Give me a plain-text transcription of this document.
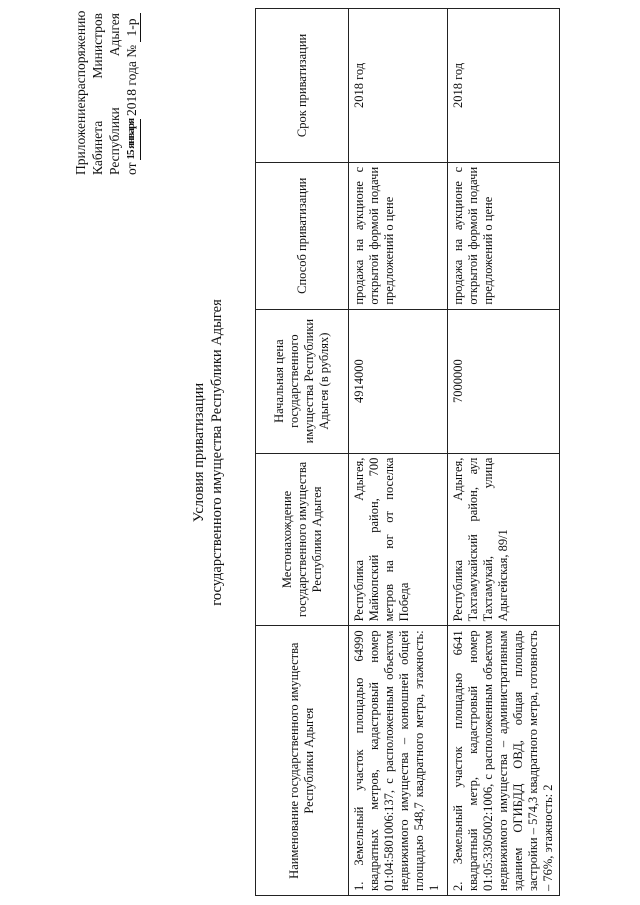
Приложение
к
распоряжению
Кабинета
Министров
Республики
Адыгея
от
15 января
2018 года №
1-р
Условия приватизации государственного имущества Республики Адыгея
Наименование государственного имущества Республики Адыгея	Местонахождение государственного имущества Республики Адыгея	Начальная цена государственного имущества Республики Адыгея (в рублях)	Способ приватизации	Срок приватизации
1. Земельный участок площадью 64990 квадратных метров, кадастровый номер 01:04:5801006:137, с расположенным объектом недвижимого имущества – конюшней общей площадью 548,7 квадратного метра, этажность: 1	Республика Адыгея, Майкопский район, 700 метров на юг от поселка Победа	4914000	продажа на аукционе с открытой формой подачи предложений о цене	2018 год
2. Земельный участок площадью 6641 квадратный метр, кадастровый номер 01:05:3305002:1006, с расположенным объектом недвижимого имущества – административным зданием ОГИБДД ОВД, общая площадь застройки – 574,3 квадратного метра, готовность – 76%, этажность: 2	Республика Адыгея, Тахтамукайский район, аул Тахтамукай, улица Адыгейская, 89/1	7000000	продажа на аукционе с открытой формой подачи предложений о цене	2018 год
